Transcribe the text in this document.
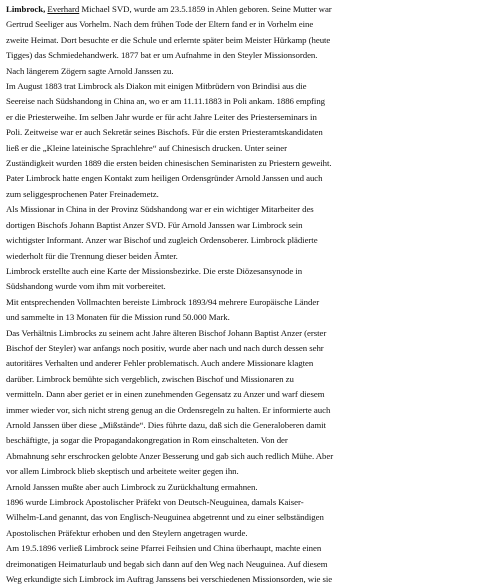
Limbrock, Everhard Michael SVD, wurde am 23.5.1859 in Ahlen geboren. Seine Mutter war
Gertrud Seeliger aus Vorhelm. Nach dem frühen Tode der Eltern fand er in Vorhelm eine
zweite Heimat. Dort besuchte er die Schule und erlernte später beim Meister Hürkamp (heute
Tigges) das Schmiedehandwerk. 1877 bat er um Aufnahme in den Steyler Missionsorden.
Nach längerem Zögern sagte Arnold Janssen zu.
Im August 1883 trat Limbrock als Diakon mit einigen Mitbrüdern von Brindisi aus die
Seereise nach Südshandong in China an, wo er am 11.11.1883 in Poli ankam. 1886 empfing
er die Priesterweihe. Im selben Jahr wurde er für acht Jahre Leiter des Priesterseminars in
Poli. Zeitweise war er auch Sekretär seines Bischofs. Für die ersten Priesteramtskandidaten
ließ er die „Kleine lateinische Sprachlehre“ auf Chinesisch drucken. Unter seiner
Zuständigkeit wurden 1889 die ersten beiden chinesischen Seminaristen zu Priestern geweiht.
Pater Limbrock hatte engen Kontakt zum heiligen Ordensgründer Arnold Janssen und auch
zum seliggesprochenen Pater Freinademetz.
Als Missionar in China in der Provinz Südshandong war er ein wichtiger Mitarbeiter des
dortigen Bischofs Johann Baptist Anzer SVD. Für Arnold Janssen war Limbrock sein
wichtigster Informant. Anzer war Bischof und zugleich Ordensoberer. Limbrock plädierte
wiederholt für die Trennung dieser beiden Ämter.
Limbrock erstellte auch eine Karte der Missionsbezirke. Die erste Diözesansynode in
Südshandong wurde vom ihm mit vorbereitet.
Mit entsprechenden Vollmachten bereiste Limbrock 1893/94 mehrere Europäische Länder
und sammelte in 13 Monaten für die Mission rund 50.000 Mark.
Das Verhältnis Limbrocks zu seinem acht Jahre älteren Bischof Johann Baptist Anzer (erster
Bischof der Steyler) war anfangs noch positiv, wurde aber nach und nach durch dessen sehr
autoritäres Verhalten und anderer Fehler problematisch. Auch andere Missionare klagten
darüber. Limbrock bemühte sich vergeblich, zwischen Bischof und Missionaren zu
vermitteln. Dann aber geriet er in einen zunehmenden Gegensatz zu Anzer und warf diesem
immer wieder vor, sich nicht streng genug an die Ordensregeln zu halten. Er informierte auch
Arnold Janssen über diese „Mißstände“. Dies führte dazu, daß sich die Generaloberen damit
beschäftigte, ja sogar die Propagandakongregation in Rom einschalteten. Von der
Abmahnung sehr erschrocken gelobte Anzer Besserung und gab sich auch redlich Mühe. Aber
vor allem Limbrock blieb skeptisch und arbeitete weiter gegen ihn.
Arnold Janssen mußte aber auch Limbrock zu Zurückhaltung ermahnen.
1896 wurde Limbrock Apostolischer Präfekt von Deutsch-Neuguinea, damals Kaiser-
Wilhelm-Land genannt, das von Englisch-Neuguinea abgetrennt und zu einer selbständigen
Apostolischen Präfektur erhoben und den Steylern angetragen wurde.
Am 19.5.1896 verließ Limbrock seine Pfarrei Feihsien und China überhaupt, machte einen
dreimonatigen Heimaturlaub und begab sich dann auf den Weg nach Neuguinea. Auf diesem
Weg erkundigte sich Limbrock im Auftrag Janssens bei verschiedenen Missionsorden, wie sie
